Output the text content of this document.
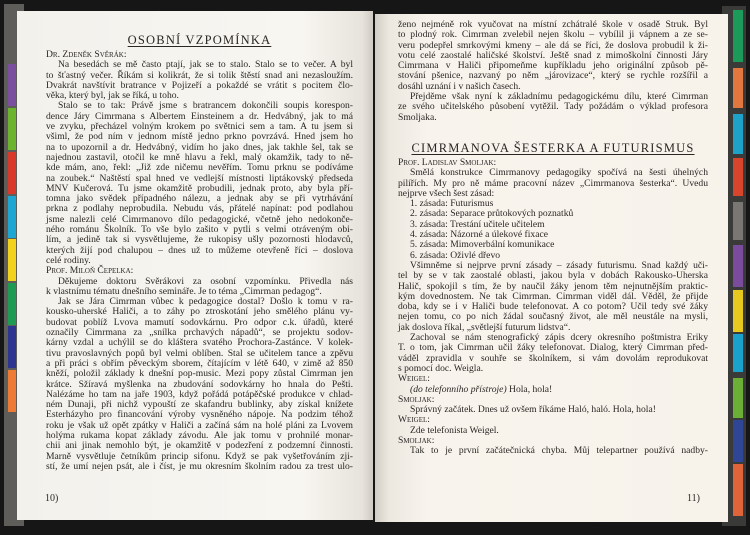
OSOBNÍ VZPOMÍNKA
Dr. Zdeněk Svěrák:
Na besedách se mě často ptají, jak se to stalo. Stalo se to večer. A byl
to šťastný večer. Říkám si kolikrát, že si tolik štěstí snad ani nezasloužím.
Dvakrát navštívit bratrance v Pojizeří a pokaždé se vrátit s pocitem člo-
věka, který byl, jak se říká, u toho.
Stalo se to tak: Právě jsme s bratrancem dokončili soupis korespon-
dence Járy Cimrmana s Albertem Einsteinem a dr. Hedvábný, jak to má
ve zvyku, přecházel volným krokem po světnici sem a tam. A tu jsem si
všiml, že pod ním v jednom místě jedno prkno povrzává. Hned jsem ho
na to upozornil a dr. Hedvábný, vidím ho jako dnes, jak takhle šel, tak se
najednou zastavil, otočil ke mně hlavu a řekl, malý okamžik, tady to ně-
kde mám, ano, řekl: „Již zde ničemu nevěřím. Tomu prknu se podíváme
na zoubek.“ Naštěstí spal hned ve vedlejší místnosti liptákovský předseda
MNV Kučerová. Tu jsme okamžitě probudili, jednak proto, aby byla pří-
tomna jako svědek případného nálezu, a jednak aby se při vytrhávání
prkna z podlahy neprobudila. Nebudu vás, přátelé napínat: pod podlahou
jsme nalezli celé Cimrmanovo dílo pedagogické, včetně jeho nedokonče-
ného románu Školník. To vše bylo zašito v pytli s velmi otráveným obi-
lím, a jedině tak si vysvětlujeme, že rukopisy ušly pozornosti hlodavců,
kterých žijí pod chalupou – dnes už to můžeme otevřeně říci – doslova
celé rodiny.
Prof. Miloň Čepelka:
Děkujeme doktoru Svěrákovi za osobní vzpomínku. Přivedla nás
k vlastnímu tématu dnešního semináře. Je to téma „Cimrman pedagog“.
Jak se Jára Cimrman vůbec k pedagogice dostal? Došlo k tomu v ra-
kousko-uherské Haliči, a to záhy po ztroskotání jeho smělého plánu vy-
budovat poblíž Lvova mamutí sodovkárnu. Pro odpor c.k. úřadů, které
označily Cimrmana za „snílka prchavých nápadů“, se projektu sodov-
kárny vzdal a uchýlil se do kláštera svatého Prochora-Zastánce. V kolek-
tivu pravoslavných popů byl velmi oblíben. Stal se učitelem tance a zpěvu
a při práci s obřím pěveckým sborem, čítajícím v létě 640, v zimě až 850
kněží, položil základy k dnešní pop-music. Mezi popy zůstal Cimrman jen
krátce. Sžíravá myšlenka na zbudování sodovkárny ho hnala do Pešti.
Nalézáme ho tam na jaře 1903, když pořádá potápěčské produkce v chlad-
ném Dunaji, při nichž vypouští ze skafandru bublinky, aby získal knížete
Esterházyho pro financování výroby vysněného nápoje. Na podzim téhož
roku je však už opět zpátky v Haliči a začíná sám na holé pláni za Lvovem
holýma rukama kopat základy závodu. Ale jak tomu v prohnilé monar-
chii ani jinak nemohlo být, je okamžitě v podezření z podzemní činnosti.
Marně vysvětluje četníkům princip sifonu. Když se pak vyšetřováním zji-
stí, že umí nejen psát, ale i číst, je mu okresním školním radou za trest ulo-
10)
ženo nejméně rok vyučovat na místní zchátralé škole v osadě Struk. Byl
to plodný rok. Cimrman zvelebil nejen školu – vybílil ji vápnem a ze se-
veru podepřel smrkovými kmeny – ale dá se říci, že doslova probudil k ži-
votu celé zaostalé haličské školství. Ještě snad z mimoškolní činnosti Járy
Cimrmana v Haliči připomeňme kupříkladu jeho originální způsob pě-
stování pšenice, nazvaný po něm „járovizace“, který se rychle rozšířil a
dosáhl uznání i v našich časech.
Přejděme však nyní k základnímu pedagogickému dílu, které Cimrman
ze svého učitelského působení vytěžil. Tady požádám o výklad profesora
Smoljaka.
CIMRMANOVA ŠESTERKA A FUTURISMUS
Prof. Ladislav Smoljak:
Smělá konstrukce Cimrmanovy pedagogiky spočívá na šesti úhelných
pilířích. My pro ně máme pracovní název „Cimrmanova šesterka“. Uvedu
nejprve všech šest zásad:
1. zásada: Futurismus
2. zásada: Separace průtokových poznatků
3. zásada: Trestání učitele učitelem
4. zásada: Názorné a úlekové fixace
5. zásada: Mimoverbální komunikace
6. zásada: Oživlé dřevo
Všimněme si nejprve první zásady – zásady futurismu. Snad každý uči-
tel by se v tak zaostalé oblasti, jakou byla v dobách Rakousko-Uherska
Halič, spokojil s tím, že by naučil žáky jenom těm nejnutnějším praktic-
kým dovednostem. Ne tak Cimrman. Cimrman viděl dál. Věděl, že přijde
doba, kdy se i v Haliči bude telefonovat. A co potom? Učil tedy své žáky
nejen tomu, co po nich žádal současný život, ale měl neustále na mysli,
jak doslova říkal, „světlejší futurum lidstva“.
Zachoval se nám stenografický zápis dcery okresního poštmistra Eriky
T. o tom, jak Cimrman učil žáky telefonovat. Dialog, který Cimrman před-
váděl zpravidla v souhře se školníkem, si vám dovolám reprodukovat
s pomocí doc. Weigla.
Weigel:
(do telefonního přístroje) Hola, hola!
Smoljak:
Správný začátek. Dnes už ovšem říkáme Haló, haló. Hola, hola!
Weigel:
Zde telefonista Weigel.
Smoljak:
Tak to je první začátečnická chyba. Můj telepartner používá nadby-
11)
